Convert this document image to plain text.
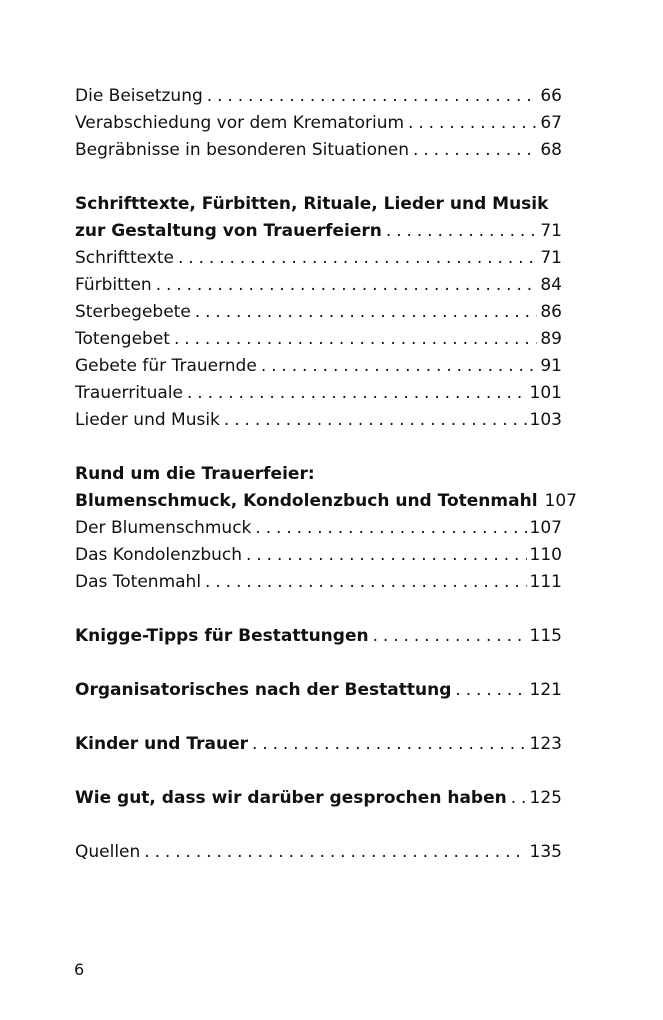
Die Beisetzung . . .	66
Verabschiedung vor dem Krematorium . . .	67
Begräbnisse in besonderen Situationen . . .	68
Schrifttexte, Fürbitten, Rituale, Lieder und Musik
zur Gestaltung von Trauerfeiern . . .	71
Schrifttexte . . .	71
Fürbitten . . .	84
Sterbegebete . . .	86
Totengebet . . .	89
Gebete für Trauernde . . .	91
Trauerrituale . . .	101
Lieder und Musik . . .	103
Rund um die Trauerfeier:
Blumenschmuck, Kondolenzbuch und Totenmahl 107
Der Blumenschmuck . . .	107
Das Kondolenzbuch . . .	110
Das Totenmahl . . .	111
Knigge-Tipps für Bestattungen . . .	115
Organisatorisches nach der Bestattung . . .	121
Kinder und Trauer . . .	123
Wie gut, dass wir darüber gesprochen haben . . . 125
Quellen . . .	135
6
